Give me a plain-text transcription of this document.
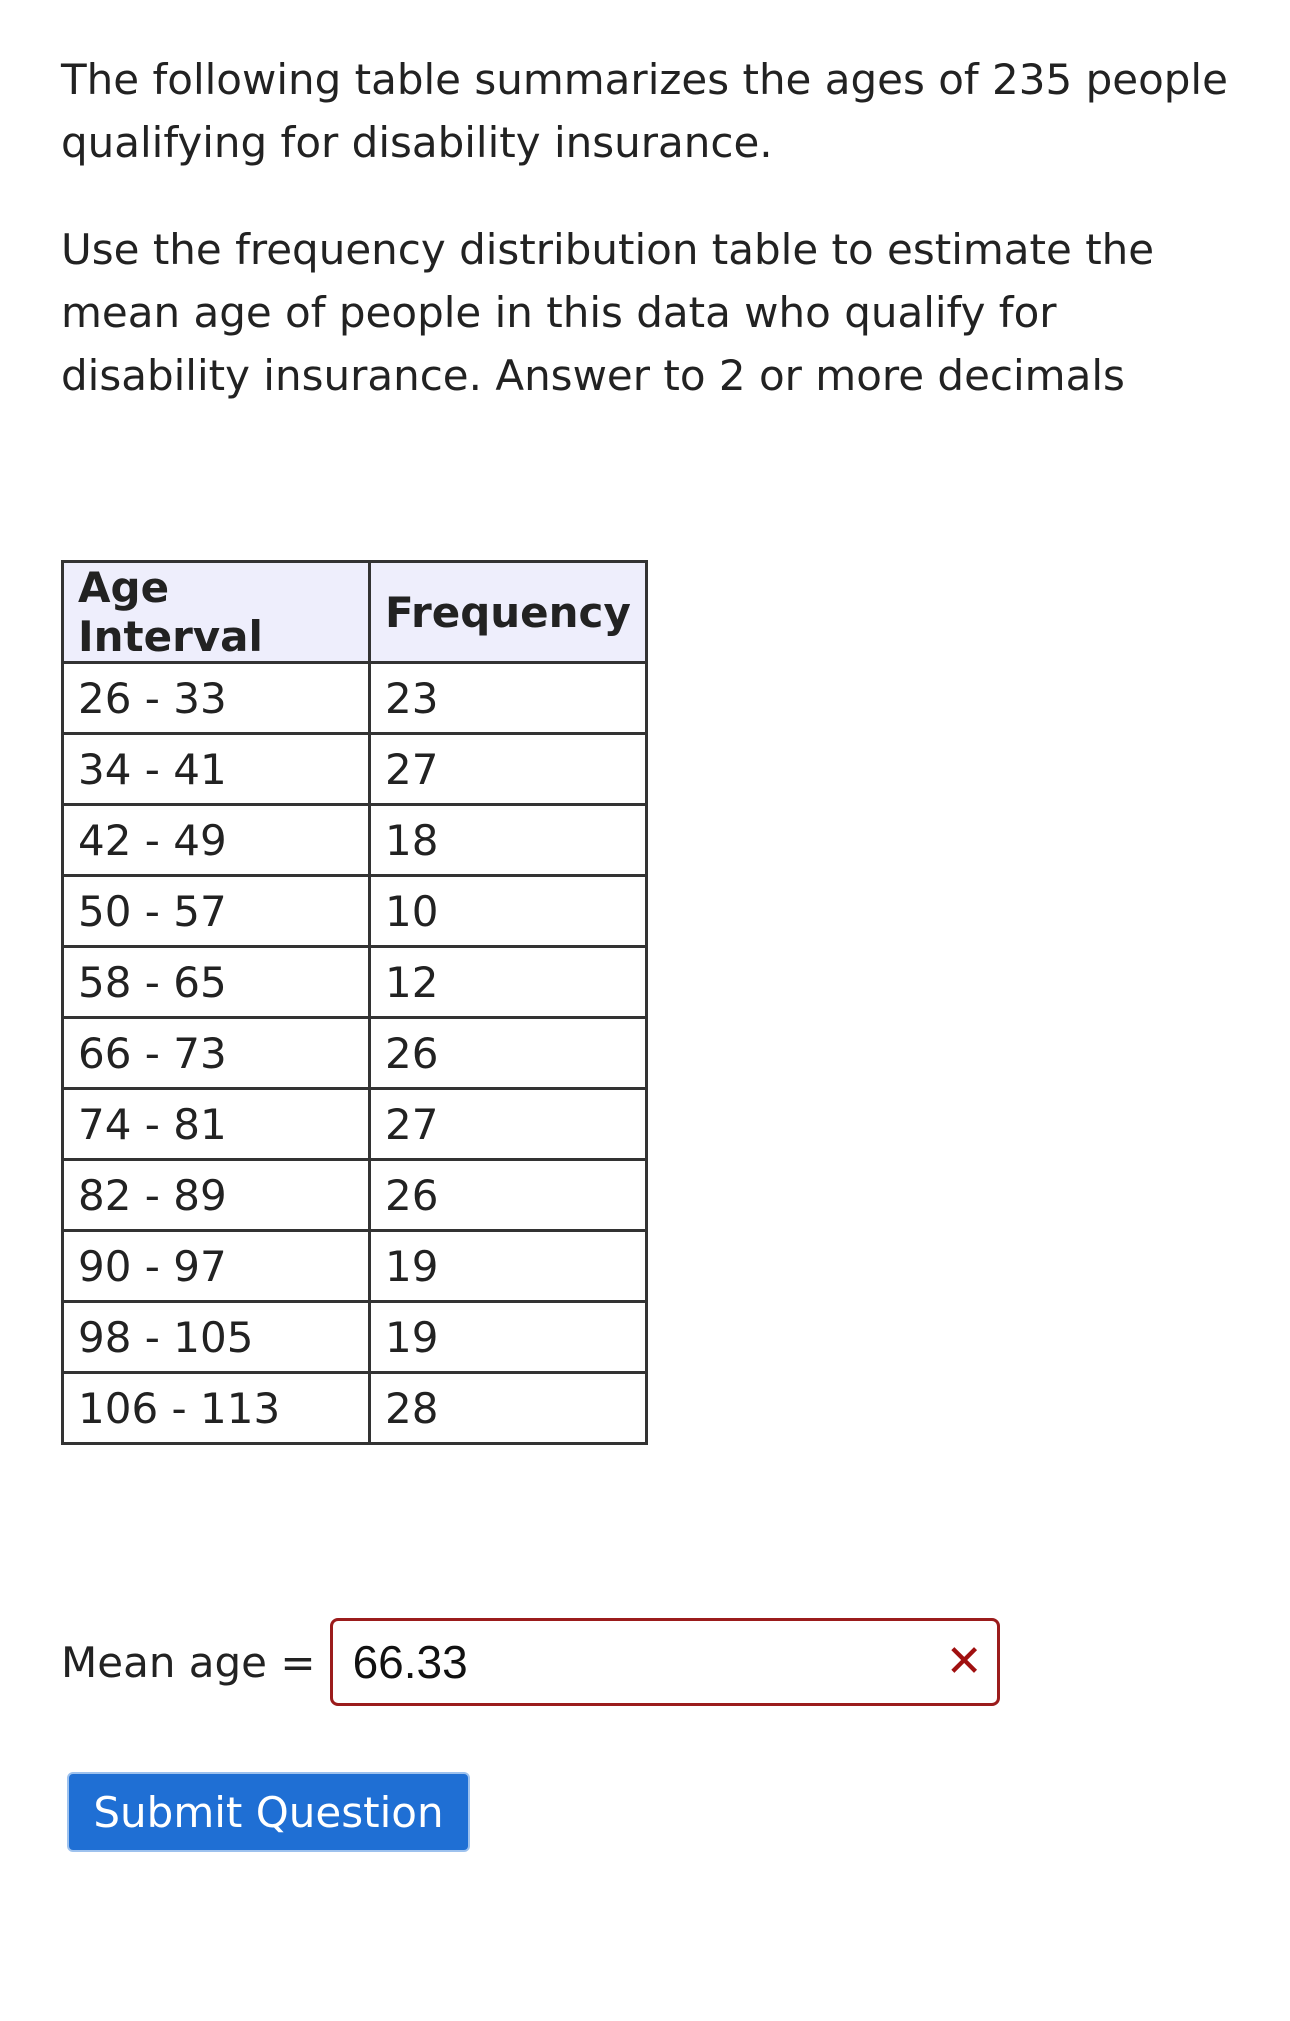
The following table summarizes the ages of 235 people qualifying for disability insurance.

Use the frequency distribution table to estimate the mean age of people in this data who qualify for disability insurance. Answer to 2 or more decimals

Age Interval	Frequency
26 - 33	23
34 - 41	27
42 - 49	18
50 - 57	10
58 - 65	12
66 - 73	26
74 - 81	27
82 - 89	26
90 - 97	19
98 - 105	19
106 - 113	28
Mean age =
66.33	✕
Submit Question
